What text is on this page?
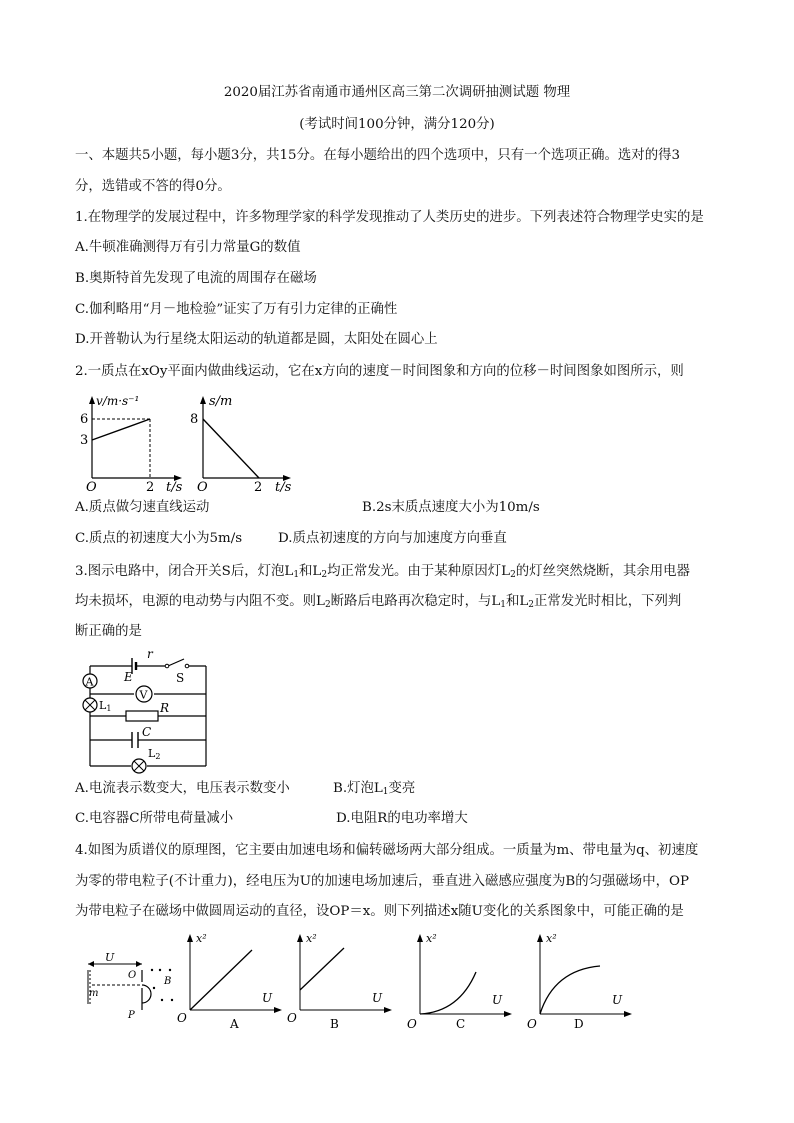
2020届江苏省南通市通州区高三第二次调研抽测试题 物理
(考试时间100分钟，满分120分)
一、本题共5小题，每小题3分，共15分。在每小题给出的四个选项中，只有一个选项正确。选对的得3
分，选错或不答的得0分。
1.在物理学的发展过程中，许多物理学家的科学发现推动了人类历史的进步。下列表述符合物理学史实的是
A.牛顿准确测得万有引力常量G的数值
B.奥斯特首先发现了电流的周围存在磁场
C.伽利略用“月－地检验”证实了万有引力定律的正确性
D.开普勒认为行星绕太阳运动的轨道都是圆，太阳处在圆心上
2.一质点在xOy平面内做曲线运动，它在x方向的速度－时间图象和方向的位移－时间图象如图所示，则
v/m·s⁻¹
6
3
O	2 t/s
s/m
8
O	2 t/s
A.质点做匀速直线运动	B.2s末质点速度大小为10m/s
C.质点的初速度大小为5m/s	D.质点初速度的方向与加速度方向垂直
3.图示电路中，闭合开关S后，灯泡$L_1$和$L_2$均正常发光。由于某种原因灯$L_2$的灯丝突然烧断，其余用电器
均未损坏，电源的电动势与内阻不变。则$L_2$断路后电路再次稳定时，与$L_1$和$L_2$正常发光时相比，下列判
断正确的是
A
V
r
E	S
L1	R
C
L2
A.电流表示数变大，电压表示数变小	B.灯泡$L_1$变亮
C.电容器C所带电荷量减小	D.电阻R的电功率增大
4.如图为质谱仪的原理图，它主要由加速电场和偏转磁场两大部分组成。一质量为m、带电量为q、初速度
为零的带电粒子(不计重力)，经电压为U的加速电场加速后，垂直进入磁感应强度为B的匀强磁场中，OP
为带电粒子在磁场中做圆周运动的直径，设OP＝x。则下列描述x随U变化的关系图象中，可能正确的是
U
m
O
P
B
x²
U
O	A
x²
U
O	B
x²
U
O	C
x²
U
O	D
